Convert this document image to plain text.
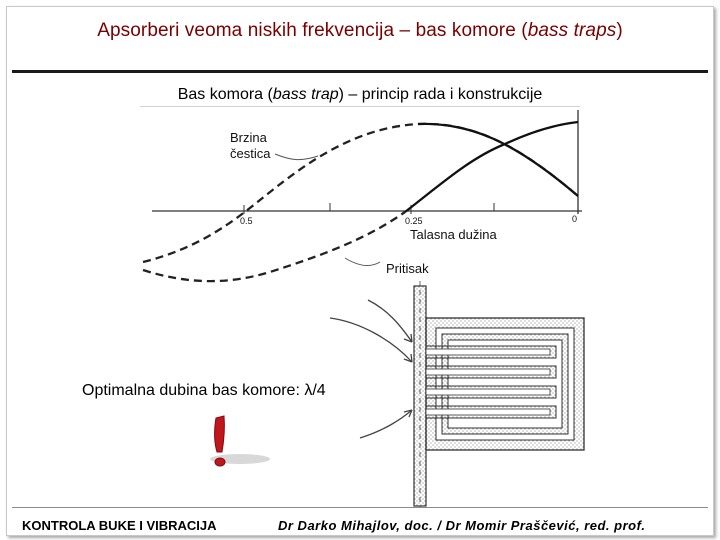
Apsorberi veoma niskih frekvencija – bas komore (bass traps)
Bas komora (bass trap) – princip rada i konstrukcije
Brzina
čestica
Talasna dužina
Pritisak
0.5	0.25	0
Optimalna dubina bas komore: λ/4
KONTROLA BUKE I VIBRACIJA	Dr Darko Mihajlov, doc. / Dr Momir Praščević, red. prof.
